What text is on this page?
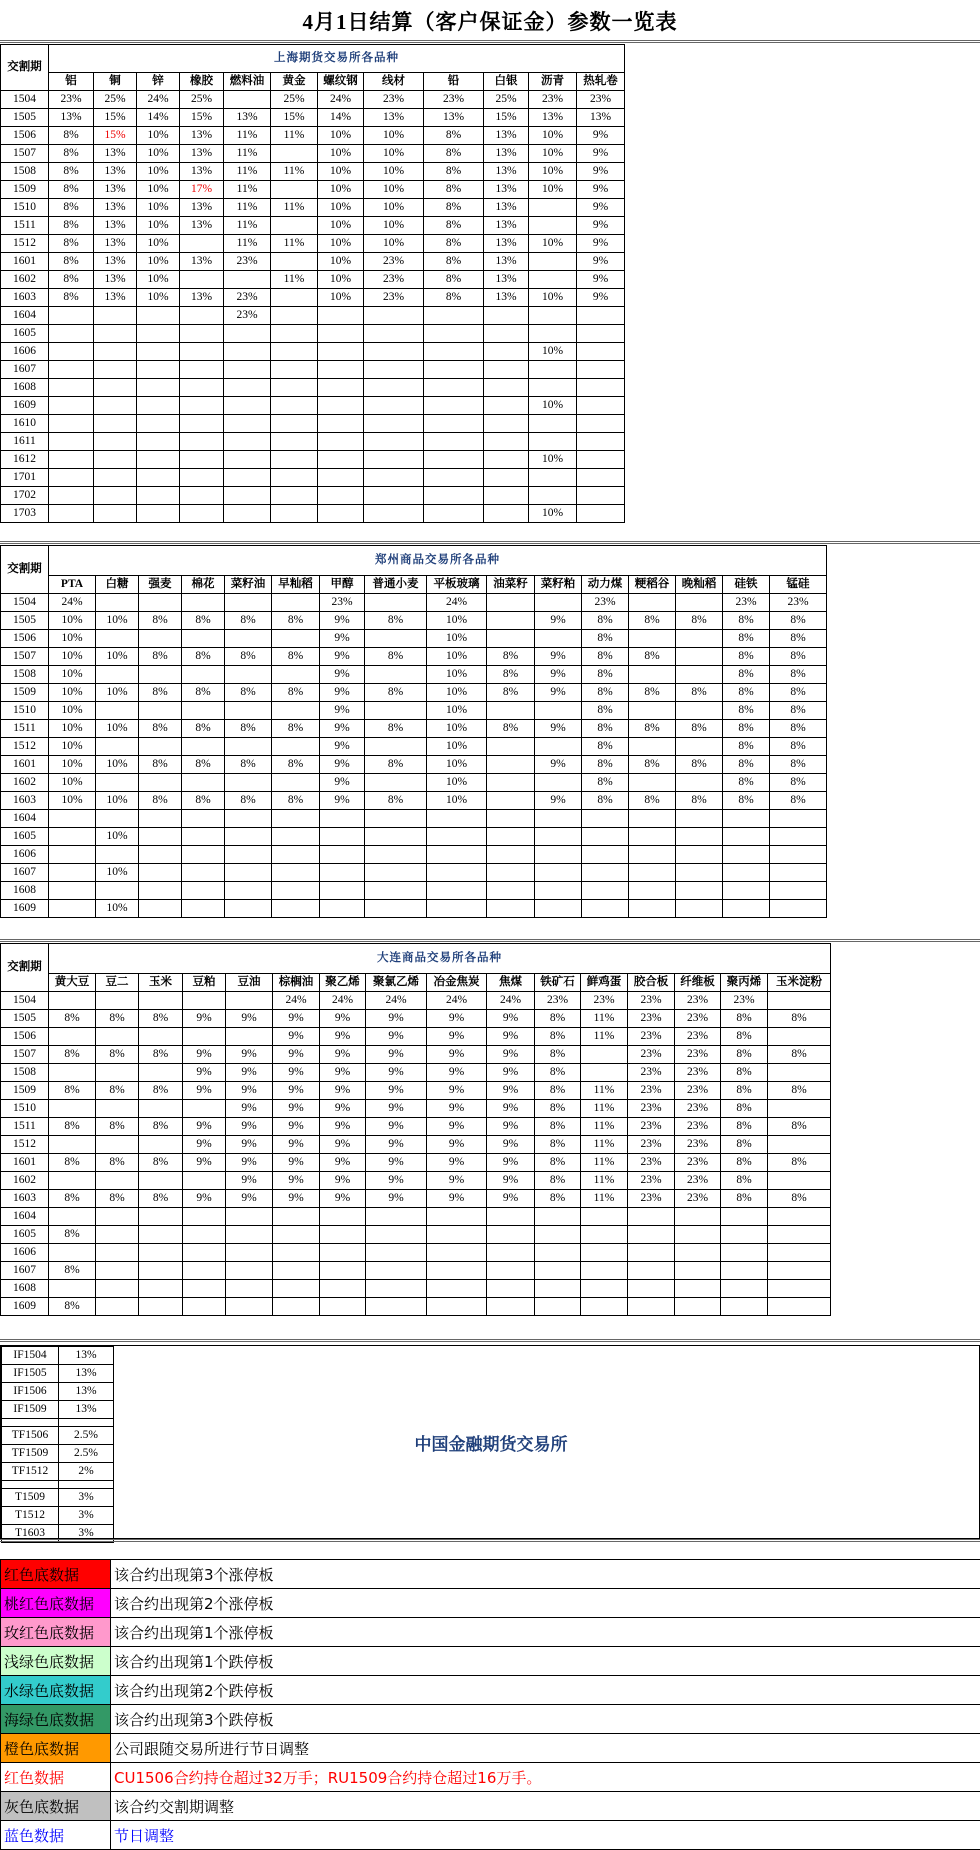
4月1日结算（客户保证金）参数一览表
交割期	上海期货交易所各品种											
	铝	铜	锌	橡胶	燃料油	黄金	螺纹钢	线材	铅	白银	沥青	热轧卷
1504	23%	25%	24%	25%		25%	24%	23%	23%	25%	23%	23%
1505	13%	15%	14%	15%	13%	15%	14%	13%	13%	15%	13%	13%
1506	8%	15%	10%	13%	11%	11%	10%	10%	8%	13%	10%	9%
1507	8%	13%	10%	13%	11%		10%	10%	8%	13%	10%	9%
1508	8%	13%	10%	13%	11%	11%	10%	10%	8%	13%	10%	9%
1509	8%	13%	10%	17%	11%		10%	10%	8%	13%	10%	9%
1510	8%	13%	10%	13%	11%	11%	10%	10%	8%	13%		9%
1511	8%	13%	10%	13%	11%		10%	10%	8%	13%		9%
1512	8%	13%	10%		11%	11%	10%	10%	8%	13%	10%	9%
1601	8%	13%	10%	13%	23%		10%	23%	8%	13%		9%
1602	8%	13%	10%			11%	10%	23%	8%	13%		9%
1603	8%	13%	10%	13%	23%		10%	23%	8%	13%	10%	9%
1604					23%							
1605												
1606											10%	
1607												
1608												
1609											10%	
1610												
1611												
1612											10%	
1701												
1702												
1703											10%	
交割期	郑州商品交易所各品种															
	PTA	白糖	强麦	棉花	菜籽油	早籼稻	甲醇	普通小麦	平板玻璃	油菜籽	菜籽粕	动力煤	粳稻谷	晚籼稻	硅铁	锰硅
1504	24%						23%		24%			23%			23%	23%
1505	10%	10%	8%	8%	8%	8%	9%	8%	10%		9%	8%	8%	8%	8%	8%
1506	10%						9%		10%			8%			8%	8%
1507	10%	10%	8%	8%	8%	8%	9%	8%	10%	8%	9%	8%	8%		8%	8%
1508	10%						9%		10%	8%	9%	8%			8%	8%
1509	10%	10%	8%	8%	8%	8%	9%	8%	10%	8%	9%	8%	8%	8%	8%	8%
1510	10%						9%		10%			8%			8%	8%
1511	10%	10%	8%	8%	8%	8%	9%	8%	10%	8%	9%	8%	8%	8%	8%	8%
1512	10%						9%		10%			8%			8%	8%
1601	10%	10%	8%	8%	8%	8%	9%	8%	10%		9%	8%	8%	8%	8%	8%
1602	10%						9%		10%			8%			8%	8%
1603	10%	10%	8%	8%	8%	8%	9%	8%	10%		9%	8%	8%	8%	8%	8%
1604																
1605		10%														
1606																
1607		10%														
1608																
1609		10%														
交割期	大连商品交易所各品种															
	黄大豆	豆二	玉米	豆粕	豆油	棕榈油	聚乙烯	聚氯乙烯	冶金焦炭	焦煤	铁矿石	鲜鸡蛋	胶合板	纤维板	聚丙烯	玉米淀粉
1504						24%	24%	24%	24%	24%	23%	23%	23%	23%	23%	
1505	8%	8%	8%	9%	9%	9%	9%	9%	9%	9%	8%	11%	23%	23%	8%	8%
1506						9%	9%	9%	9%	9%	8%	11%	23%	23%	8%	
1507	8%	8%	8%	9%	9%	9%	9%	9%	9%	9%	8%		23%	23%	8%	8%
1508				9%	9%	9%	9%	9%	9%	9%	8%		23%	23%	8%	
1509	8%	8%	8%	9%	9%	9%	9%	9%	9%	9%	8%	11%	23%	23%	8%	8%
1510					9%	9%	9%	9%	9%	9%	8%	11%	23%	23%	8%	
1511	8%	8%	8%	9%	9%	9%	9%	9%	9%	9%	8%	11%	23%	23%	8%	8%
1512				9%	9%	9%	9%	9%	9%	9%	8%	11%	23%	23%	8%	
1601	8%	8%	8%	9%	9%	9%	9%	9%	9%	9%	8%	11%	23%	23%	8%	8%
1602					9%	9%	9%	9%	9%	9%	8%	11%	23%	23%	8%	
1603	8%	8%	8%	9%	9%	9%	9%	9%	9%	9%	8%	11%	23%	23%	8%	8%
1604																
1605	8%															
1606																
1607	8%															
1608																
1609	8%															
IF1504	13%
IF1505	13%
IF1506	13%
IF1509	13%

TF1506	2.5%
TF1509	2.5%
TF1512	2%

T1509	3%
T1512	3%
T1603	3%
中国金融期货交易所
红色底数据	该合约出现第3个涨停板
桃红色底数据	该合约出现第2个涨停板
玫红色底数据	该合约出现第1个涨停板
浅绿色底数据	该合约出现第1个跌停板
水绿色底数据	该合约出现第2个跌停板
海绿色底数据	该合约出现第3个跌停板
橙色底数据	公司跟随交易所进行节日调整
红色数据	CU1506合约持仓超过32万手；RU1509合约持仓超过16万手。
灰色底数据	该合约交割期调整
蓝色数据	节日调整
